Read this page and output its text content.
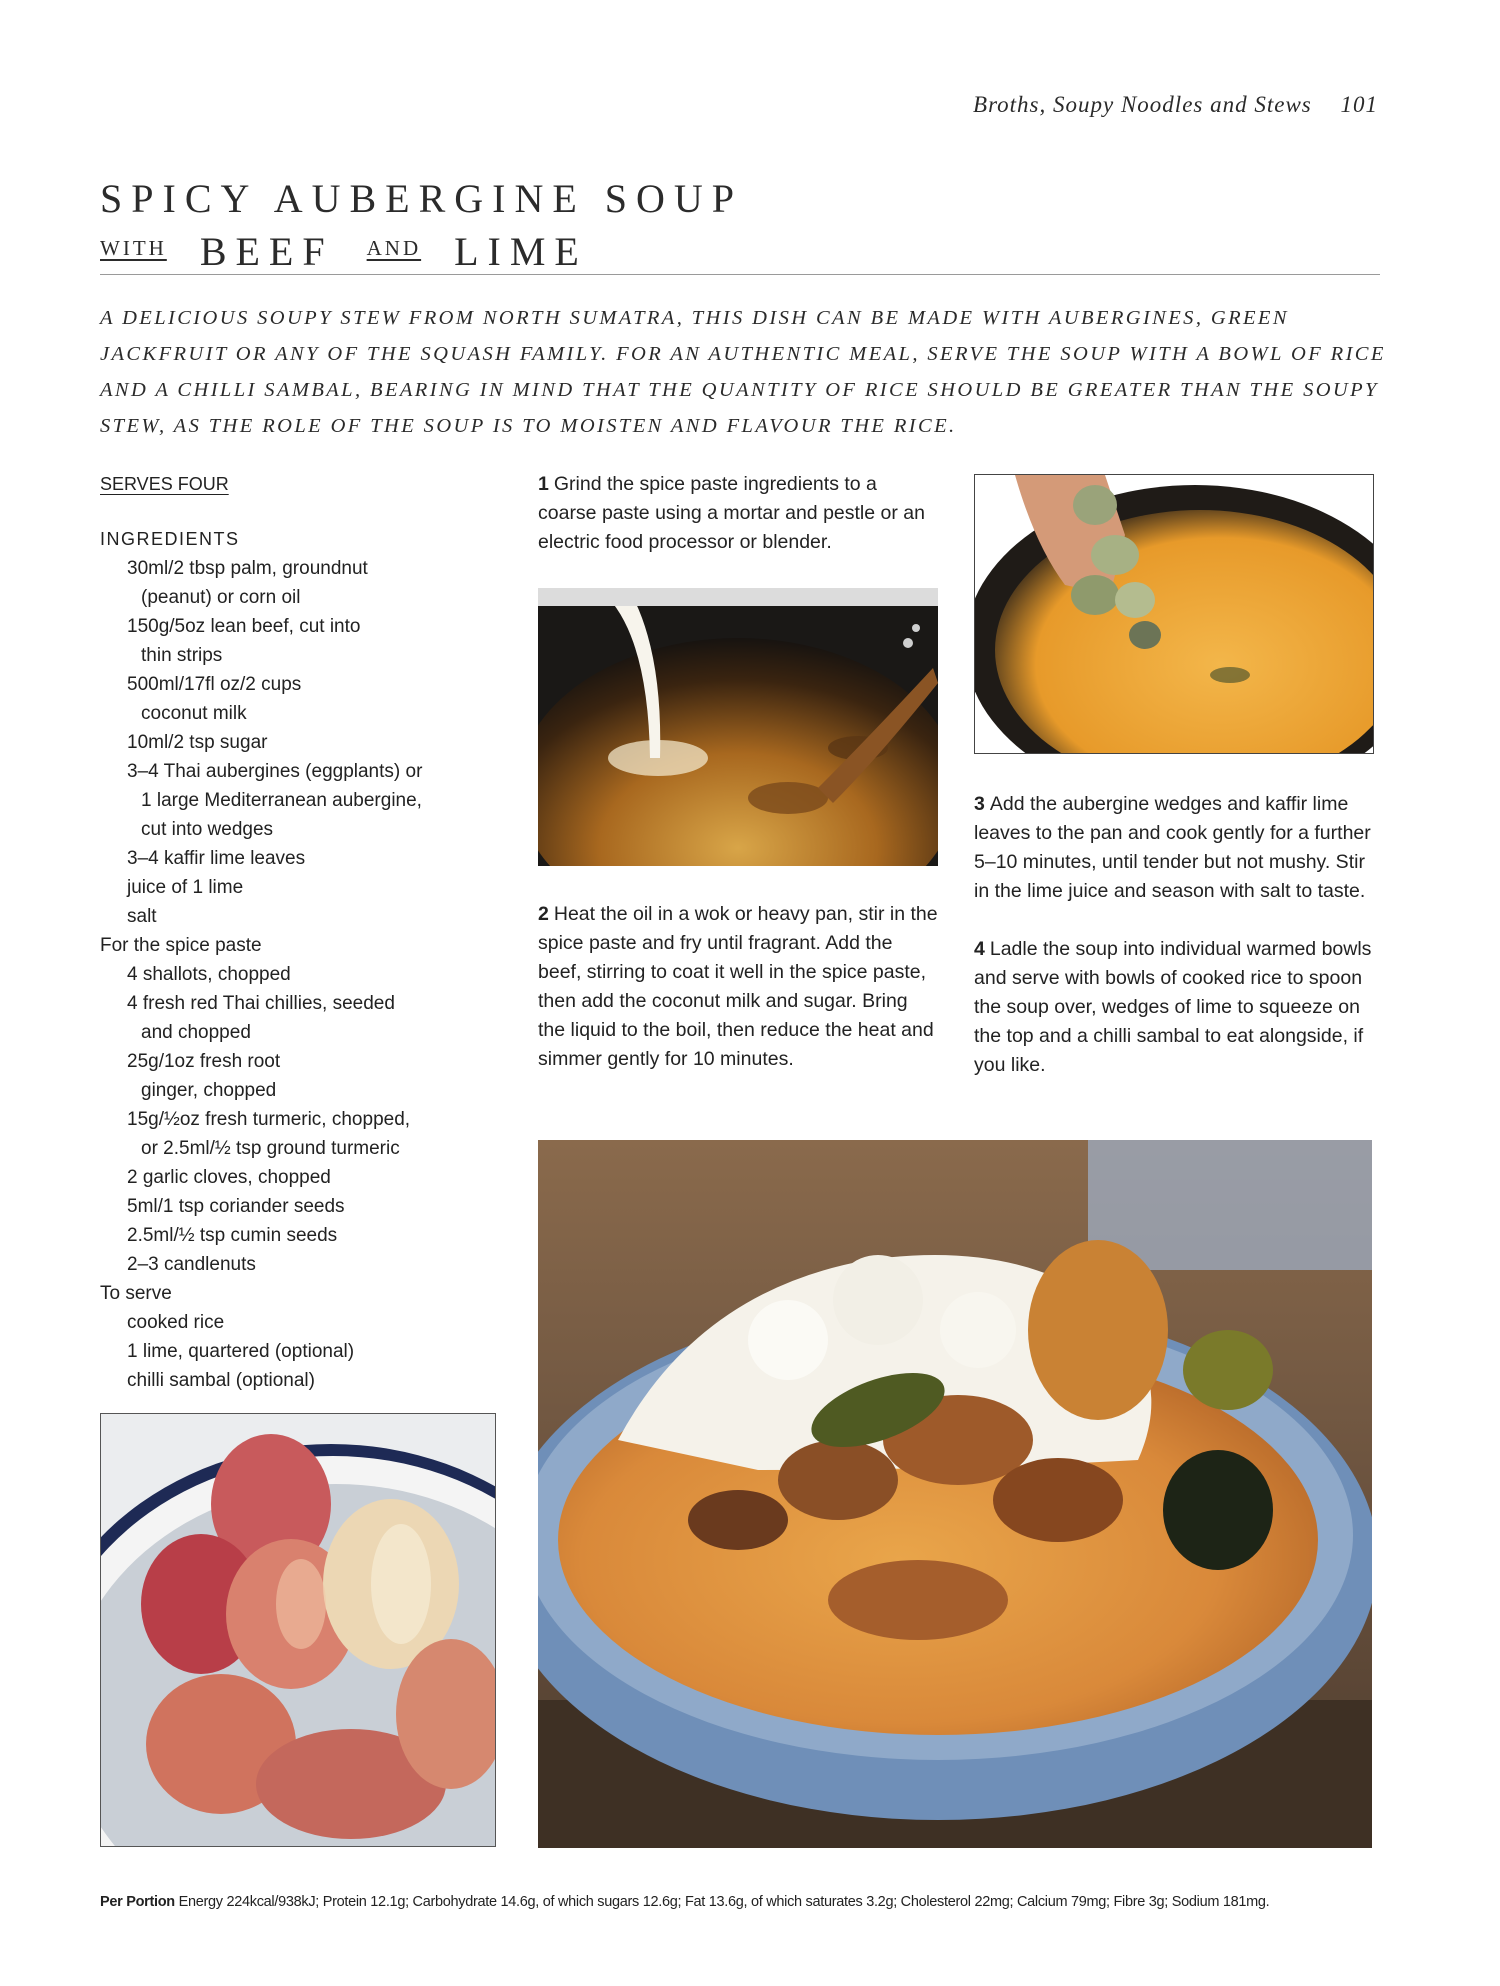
Broths, Soupy Noodles and Stews 101
SPICY AUBERGINE SOUP
$^{WITH}$ BEEF $^{AND}$ LIME
A DELICIOUS SOUPY STEW FROM NORTH SUMATRA, THIS DISH CAN BE MADE WITH AUBERGINES, GREEN JACKFRUIT OR ANY OF THE SQUASH FAMILY. FOR AN AUTHENTIC MEAL, SERVE THE SOUP WITH A BOWL OF RICE AND A CHILLI SAMBAL, BEARING IN MIND THAT THE QUANTITY OF RICE SHOULD BE GREATER THAN THE SOUPY STEW, AS THE ROLE OF THE SOUP IS TO MOISTEN AND FLAVOUR THE RICE.
SERVES FOUR
INGREDIENTS
30ml/2 tbsp palm, groundnut
(peanut) or corn oil
150g/5oz lean beef, cut into
thin strips
500ml/17fl oz/2 cups
coconut milk
10ml/2 tsp sugar
3–4 Thai aubergines (eggplants) or
1 large Mediterranean aubergine,
cut into wedges
3–4 kaffir lime leaves
juice of 1 lime
salt
For the spice paste
4 shallots, chopped
4 fresh red Thai chillies, seeded
and chopped
25g/1oz fresh root
ginger, chopped
15g/½oz fresh turmeric, chopped,
or 2.5ml/½ tsp ground turmeric
2 garlic cloves, chopped
5ml/1 tsp coriander seeds
2.5ml/½ tsp cumin seeds
2–3 candlenuts
To serve
cooked rice
1 lime, quartered (optional)
chilli sambal (optional)
1 Grind the spice paste ingredients to a coarse paste using a mortar and pestle or an electric food processor or blender.
2 Heat the oil in a wok or heavy pan, stir in the spice paste and fry until fragrant. Add the beef, stirring to coat it well in the spice paste, then add the coconut milk and sugar. Bring the liquid to the boil, then reduce the heat and simmer gently for 10 minutes.
3 Add the aubergine wedges and kaffir lime leaves to the pan and cook gently for a further 5–10 minutes, until tender but not mushy. Stir in the lime juice and season with salt to taste.
4 Ladle the soup into individual warmed bowls and serve with bowls of cooked rice to spoon the soup over, wedges of lime to squeeze on the top and a chilli sambal to eat alongside, if you like.
Per Portion Energy 224kcal/938kJ; Protein 12.1g; Carbohydrate 14.6g, of which sugars 12.6g; Fat 13.6g, of which saturates 3.2g; Cholesterol 22mg; Calcium 79mg; Fibre 3g; Sodium 181mg.
